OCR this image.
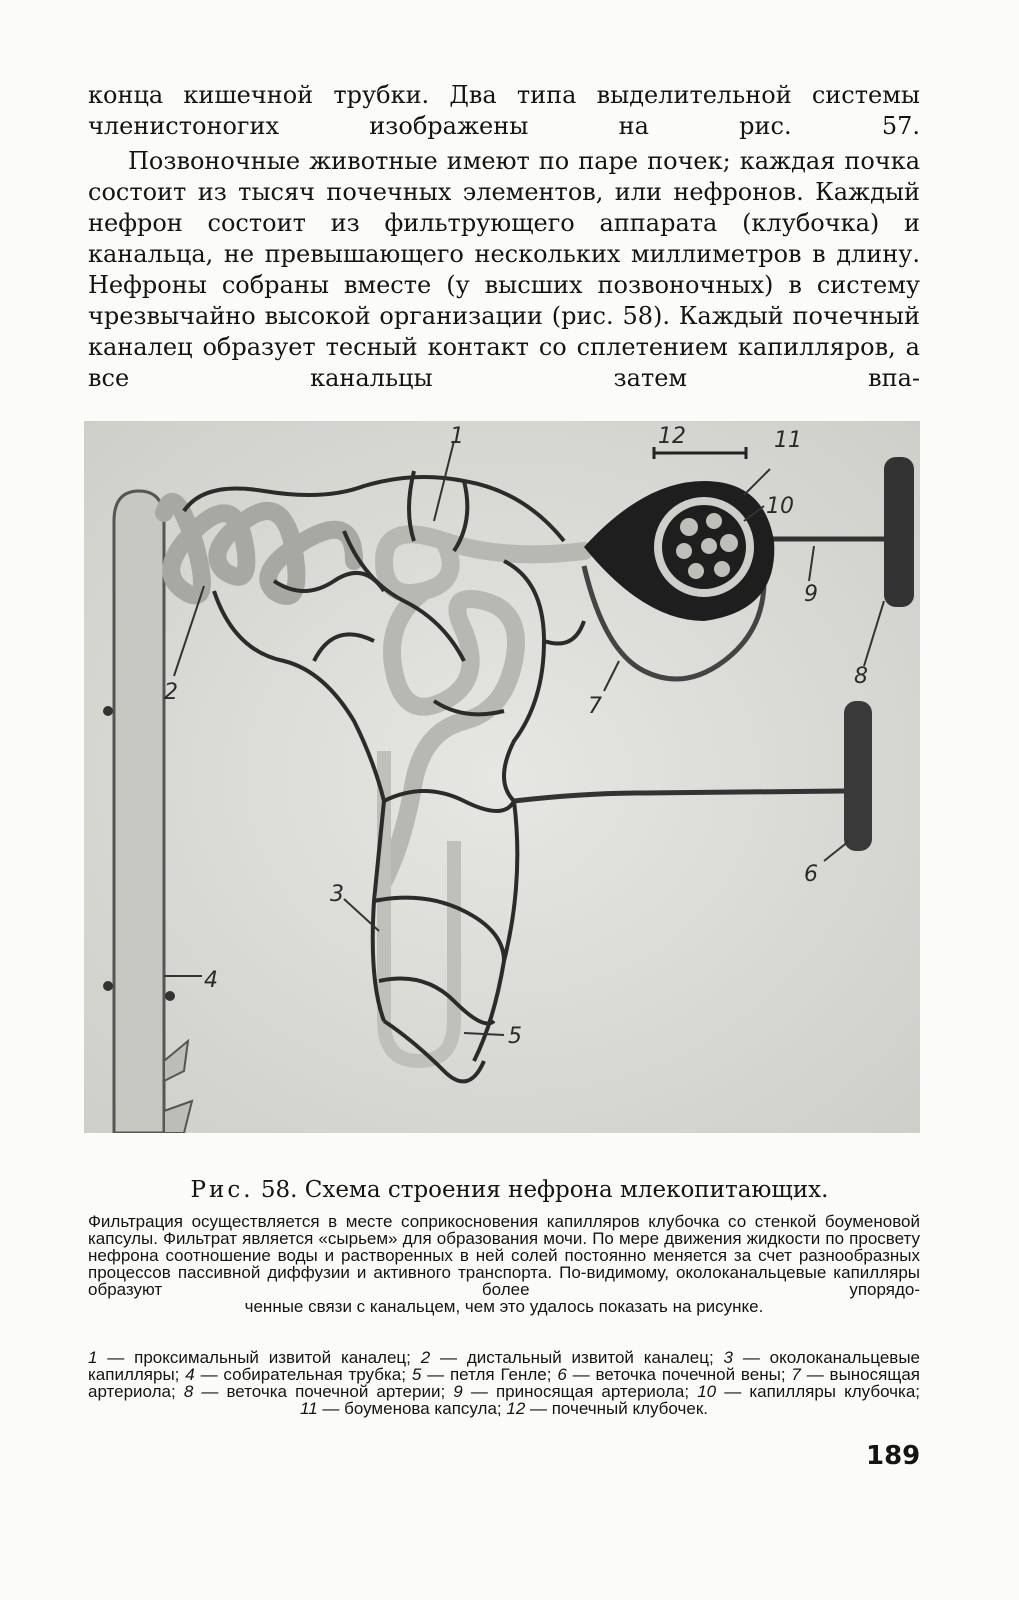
конца кишечной трубки. Два типа выделительной системы членистоногих изображены на рис. 57.

Позвоночные животные имеют по паре почек; каждая почка состоит из тысяч почечных элементов, или нефронов. Каждый нефрон состоит из фильтрующего аппарата (клубочка) и канальца, не превышающего нескольких миллиметров в длину. Нефроны собраны вместе (у высших позвоночных) в систему чрезвычайно высокой организации (рис. 58). Каждый почечный каналец образует тесный контакт со сплетением капилляров, а все канальцы затем впа-

1
2
3
4
5
6
7
8
9
10
11
12

Рис. 58. Схема строения нефрона млекопитающих.

Фильтрация осуществляется в месте соприкосновения капилляров клубочка со стенкой боуменовой капсулы. Фильтрат является «сырьем» для образования мочи. По мере движения жидкости по просвету нефрона соотношение воды и растворенных в ней солей постоянно меняется за счет разнообразных процессов пассивной диффузии и активного транспорта. По-видимому, околоканальцевые капилляры образуют более упорядо-
ченные связи с канальцем, чем это удалось показать на рисунке.

1 — проксимальный извитой каналец; 2 — дистальный извитой каналец; 3 — околоканальцевые капилляры; 4 — собирательная трубка; 5 — петля Генле; 6 — веточка почечной вены; 7 — выносящая артериола; 8 — веточка почечной артерии; 9 — приносящая артериола; 10 — капилляры клубочка;
11 — боуменова капсула; 12 — почечный клубочек.

189
